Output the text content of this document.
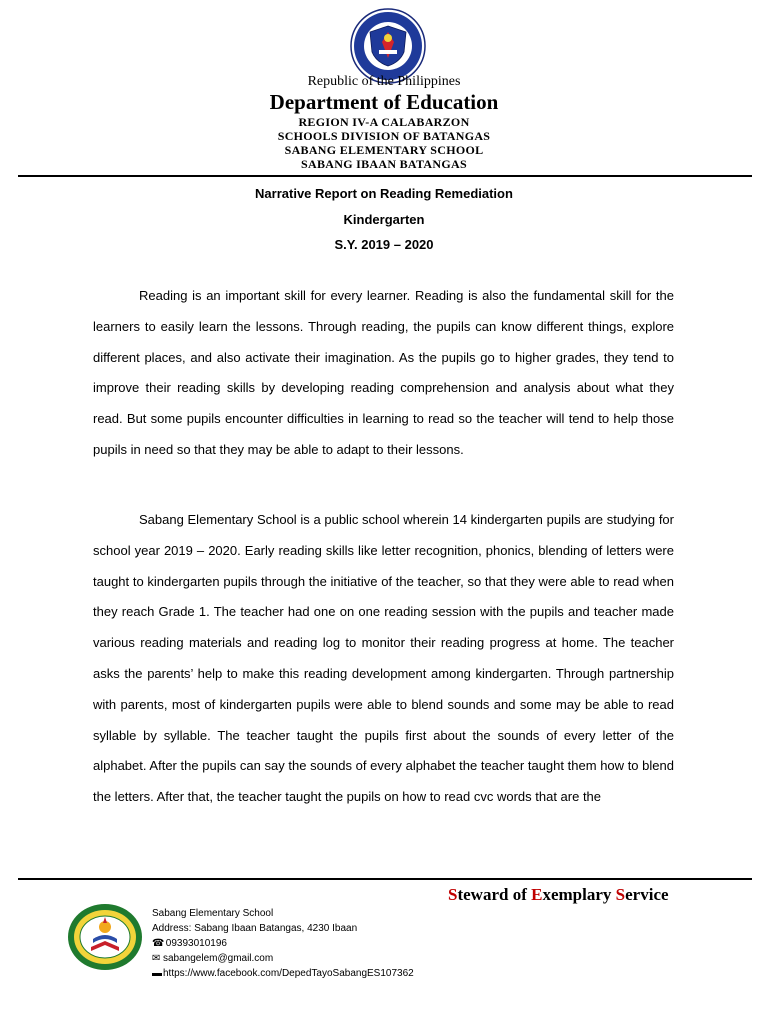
Republic of the Philippines
Department of Education
REGION IV-A CALABARZON
SCHOOLS DIVISION OF BATANGAS
SABANG ELEMENTARY SCHOOL
SABANG IBAAN BATANGAS
Narrative Report on Reading Remediation
Kindergarten
S.Y. 2019 – 2020

Reading is an important skill for every learner. Reading is also the fundamental skill for the learners to easily learn the lessons. Through reading, the pupils can know different things, explore different places, and also activate their imagination. As the pupils go to higher grades, they tend to improve their reading skills by developing reading comprehension and analysis about what they read. But some pupils encounter difficulties in learning to read so the teacher will tend to help those pupils in need so that they may be able to adapt to their lessons.

Sabang Elementary School is a public school wherein 14 kindergarten pupils are studying for school year 2019 – 2020. Early reading skills like letter recognition, phonics, blending of letters were taught to kindergarten pupils through the initiative of the teacher, so that they were able to read when they reach Grade 1. The teacher had one on one reading session with the pupils and teacher made various reading materials and reading log to monitor their reading progress at home. The teacher asks the parents’ help to make this reading development among kindergarten. Through partnership with parents, most of kindergarten pupils were able to blend sounds and some may be able to read syllable by syllable. The teacher taught the pupils first about the sounds of every letter of the alphabet. After the pupils can say the sounds of every alphabet the teacher taught them how to blend the letters. After that, the teacher taught the pupils on how to read cvc words that are the

Steward of Exemplary Service
Sabang Elementary School
Address: Sabang Ibaan Batangas, 4230 Ibaan
☎ 09393010196
✉ sabangelem@gmail.com
▬https://www.facebook.com/DepedTayoSabangES107362
